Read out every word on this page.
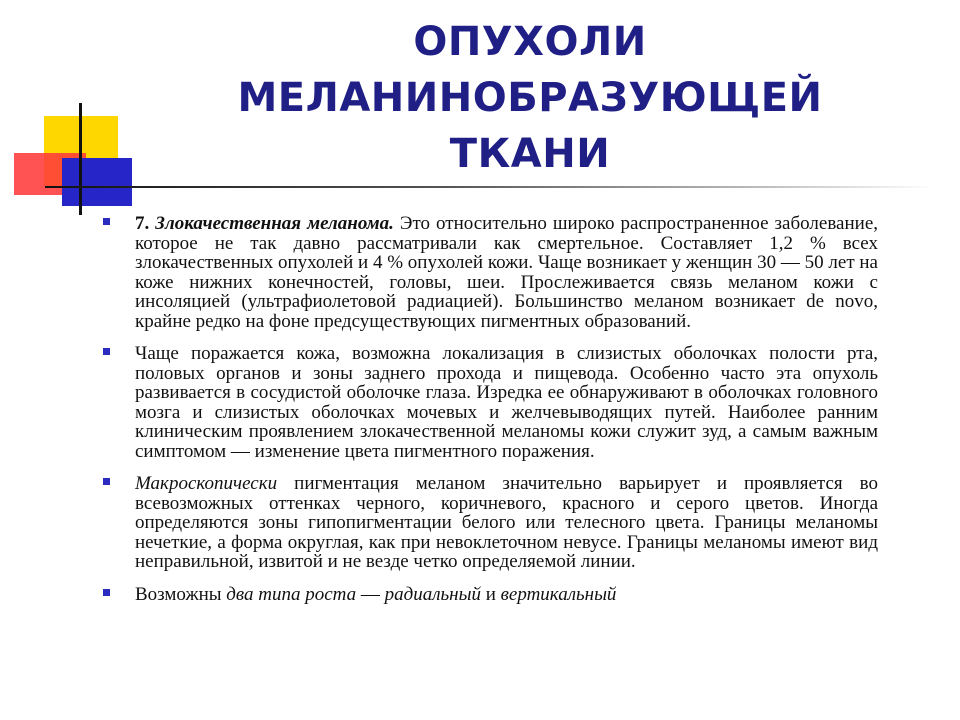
ОПУХОЛИ
МЕЛАНИНОБРАЗУЮЩЕЙ
ТКАНИ
7. Злокачественная меланома. Это относительно широко распространенное заболевание, которое не так давно рассматривали как смертельное. Составляет 1,2 % всех злокачественных опухолей и 4 % опухолей кожи. Чаще возникает у женщин 30 — 50 лет на коже нижних конечностей, головы, шеи. Прослеживается связь меланом кожи с инсоляцией (ультрафиолетовой радиацией). Большинство меланом возникает de novo, крайне редко на фоне предсуществующих пигментных образований.
Чаще поражается кожа, возможна локализация в слизистых оболочках полости рта, половых органов и зоны заднего прохода и пищевода. Особенно часто эта опухоль развивается в сосудистой оболочке глаза. Изредка ее обнаруживают в оболочках головного мозга и слизистых оболочках мочевых и желчевыводящих путей. Наиболее ранним клиническим проявлением злокачественной меланомы кожи служит зуд, а самым важным симптомом — изменение цвета пигментного поражения.
Макроскопически пигментация меланом значительно варьирует и проявляется во всевозможных оттенках черного, коричневого, красного и серого цветов. Иногда определяются зоны гипопигментации белого или телесного цвета. Границы меланомы нечеткие, а форма округлая, как при невоклеточном невусе. Границы меланомы имеют вид неправильной, извитой и не везде четко определяемой линии.
Возможны два типа роста — радиальный и вертикальный
